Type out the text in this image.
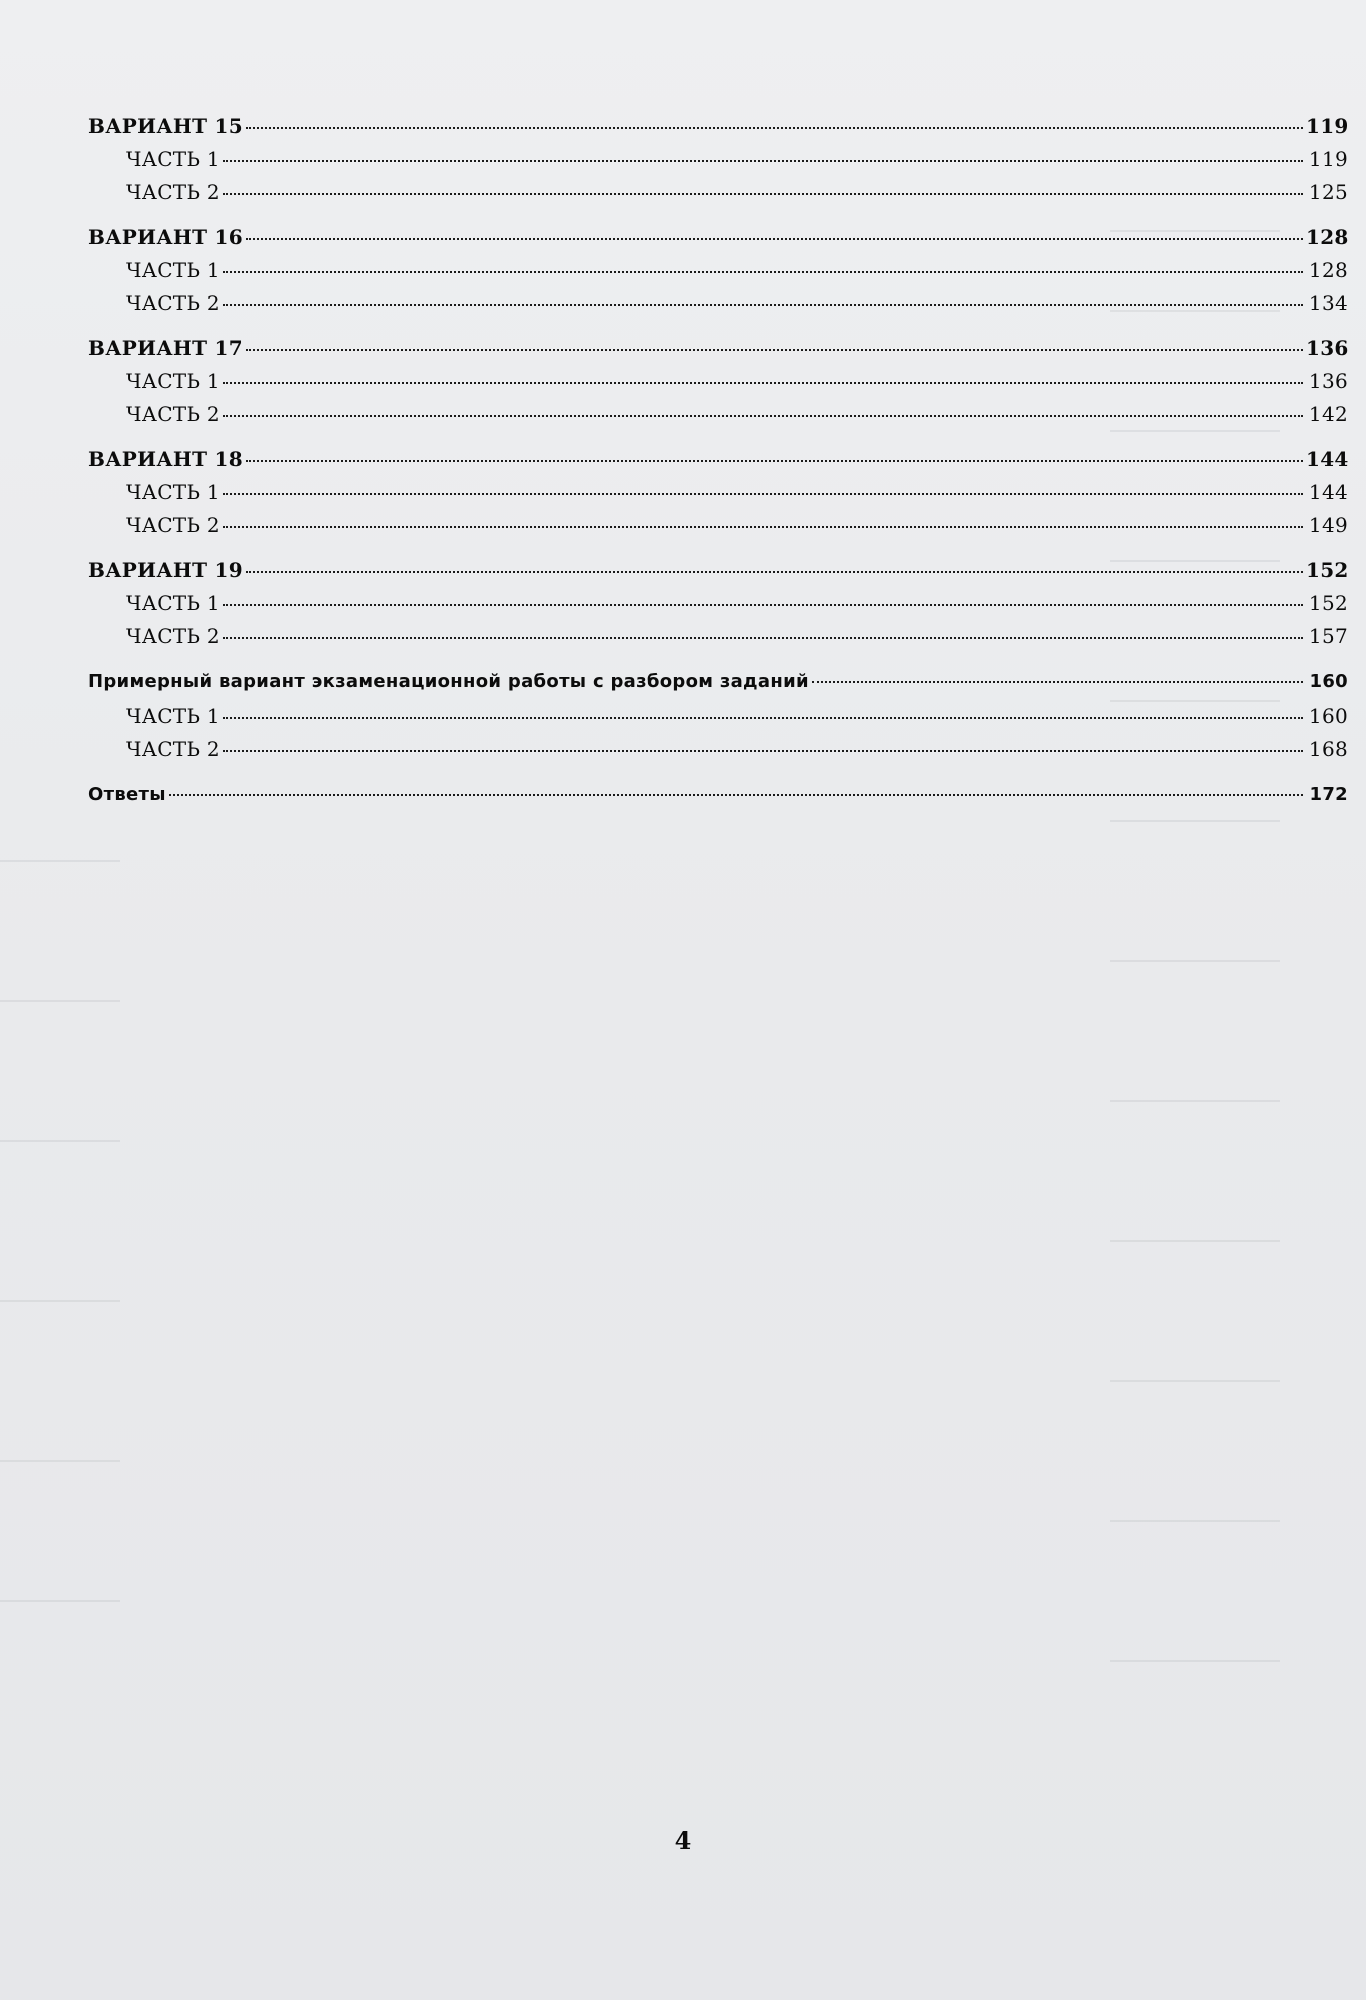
ВАРИАНТ 15	119
ЧАСТЬ 1	119
ЧАСТЬ 2	125
ВАРИАНТ 16	128
ЧАСТЬ 1	128
ЧАСТЬ 2	134
ВАРИАНТ 17	136
ЧАСТЬ 1	136
ЧАСТЬ 2	142
ВАРИАНТ 18	144
ЧАСТЬ 1	144
ЧАСТЬ 2	149
ВАРИАНТ 19	152
ЧАСТЬ 1	152
ЧАСТЬ 2	157
Примерный вариант экзаменационной работы с разбором заданий	160
ЧАСТЬ 1	160
ЧАСТЬ 2	168
Ответы	172
4
